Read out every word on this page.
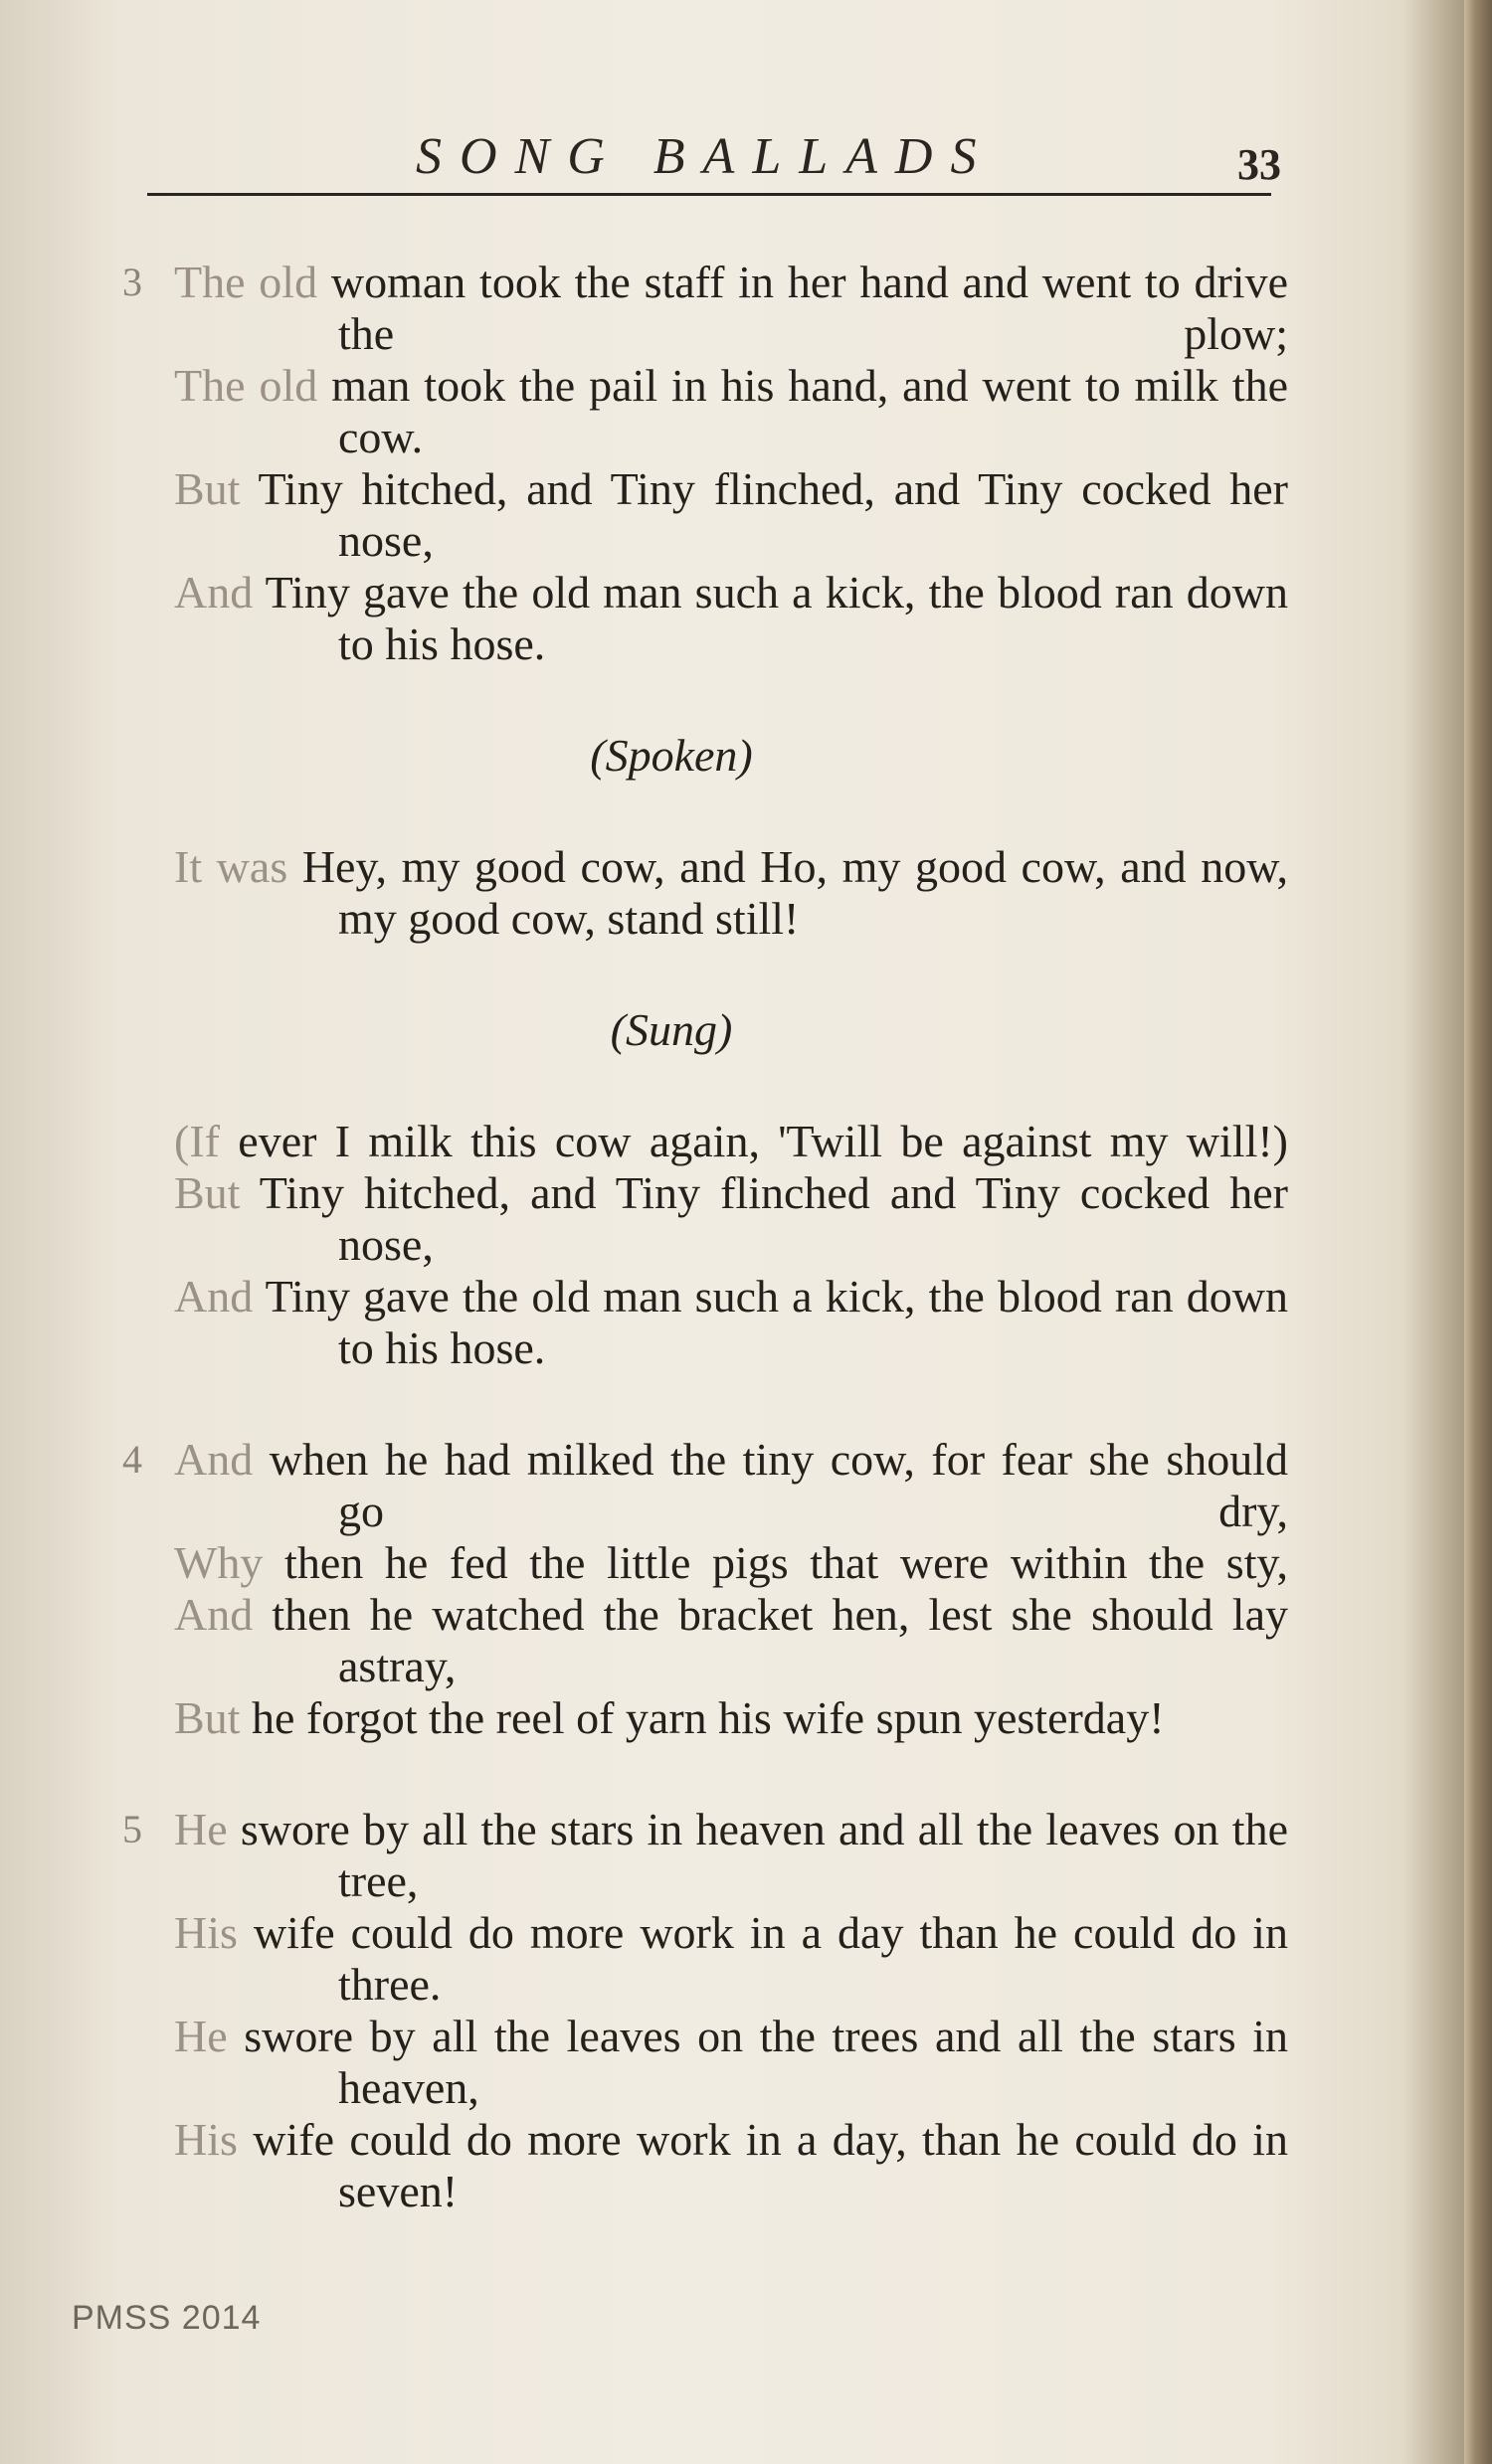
SONG BALLADS	33
3 The old woman took the staff in her hand and went to drive the plow;
The old man took the pail in his hand, and went to milk the cow.
But Tiny hitched, and Tiny flinched, and Tiny cocked her nose,
And Tiny gave the old man such a kick, the blood ran down to his hose.
(Spoken)
It was Hey, my good cow, and Ho, my good cow, and now, my good cow, stand still!
(Sung)
(If ever I milk this cow again, 'Twill be against my will!)
But Tiny hitched, and Tiny flinched and Tiny cocked her nose,
And Tiny gave the old man such a kick, the blood ran down to his hose.
4 And when he had milked the tiny cow, for fear she should go dry,
Why then he fed the little pigs that were within the sty,
And then he watched the bracket hen, lest she should lay astray,
But he forgot the reel of yarn his wife spun yesterday!
5 He swore by all the stars in heaven and all the leaves on the tree,
His wife could do more work in a day than he could do in three.
He swore by all the leaves on the trees and all the stars in heaven,
His wife could do more work in a day, than he could do in seven!
PMSS 2014
